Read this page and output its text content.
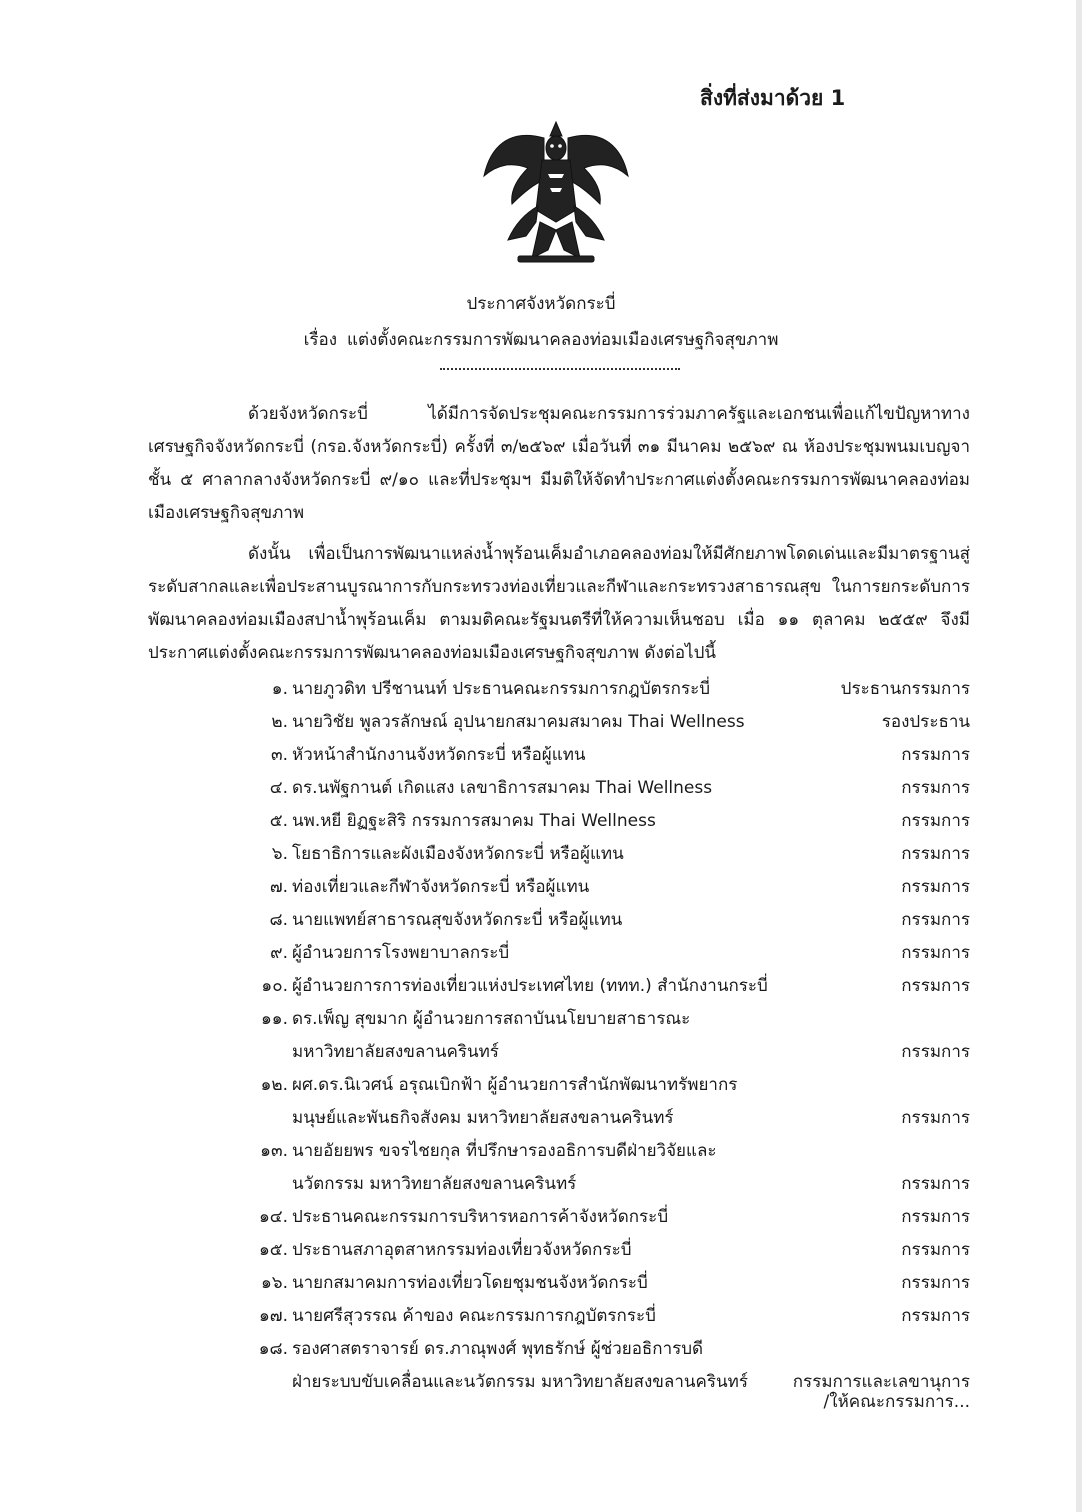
สิ่งที่ส่งมาด้วย 1
ประกาศจังหวัดกระบี่
เรื่อง แต่งตั้งคณะกรรมการพัฒนาคลองท่อมเมืองเศรษฐกิจสุขภาพ

ด้วยจังหวัดกระบี่ ได้มีการจัดประชุมคณะกรรมการร่วมภาครัฐและเอกชนเพื่อแก้ไขปัญหาทางเศรษฐกิจจังหวัดกระบี่ (กรอ.จังหวัดกระบี่) ครั้งที่ ๓/๒๕๖๙ เมื่อวันที่ ๓๑ มีนาคม ๒๕๖๙ ณ ห้องประชุมพนมเบญจา ชั้น ๕ ศาลากลางจังหวัดกระบี่ ๙/๑๐ และที่ประชุมฯ มีมติให้จัดทำประกาศแต่งตั้งคณะกรรมการพัฒนาคลองท่อมเมืองเศรษฐกิจสุขภาพ

ดังนั้น เพื่อเป็นการพัฒนาแหล่งน้ำพุร้อนเค็มอำเภอคลองท่อมให้มีศักยภาพโดดเด่นและมีมาตรฐานสู่ระดับสากลและเพื่อประสานบูรณาการกับกระทรวงท่องเที่ยวและกีฬาและกระทรวงสาธารณสุข ในการยกระดับการพัฒนาคลองท่อมเมืองสปาน้ำพุร้อนเค็ม ตามมติคณะรัฐมนตรีที่ให้ความเห็นชอบ เมื่อ ๑๑ ตุลาคม ๒๕๕๙ จึงมีประกาศแต่งตั้งคณะกรรมการพัฒนาคลองท่อมเมืองเศรษฐกิจสุขภาพ ดังต่อไปนี้

๑. นายภูวดิท ปรีชานนท์ ประธานคณะกรรมการกฎบัตรกระบี่	ประธานกรรมการ
๒. นายวิชัย พูลวรลักษณ์ อุปนายกสมาคมสมาคม Thai Wellness	รองประธาน
๓. หัวหน้าสำนักงานจังหวัดกระบี่ หรือผู้แทน	กรรมการ
๔. ดร.นพัฐกานต์ เกิดแสง เลขาธิการสมาคม Thai Wellness	กรรมการ
๕. นพ.หยี ยิฏฐะสิริ กรรมการสมาคม Thai Wellness	กรรมการ
๖. โยธาธิการและผังเมืองจังหวัดกระบี่ หรือผู้แทน	กรรมการ
๗. ท่องเที่ยวและกีฬาจังหวัดกระบี่ หรือผู้แทน	กรรมการ
๘. นายแพทย์สาธารณสุขจังหวัดกระบี่ หรือผู้แทน	กรรมการ
๙. ผู้อำนวยการโรงพยาบาลกระบี่	กรรมการ
๑๐. ผู้อำนวยการการท่องเที่ยวแห่งประเทศไทย (ททท.) สำนักงานกระบี่	กรรมการ
๑๑. ดร.เพ็ญ สุขมาก ผู้อำนวยการสถาบันนโยบายสาธารณะ
มหาวิทยาลัยสงขลานครินทร์	กรรมการ
๑๒. ผศ.ดร.นิเวศน์ อรุณเบิกฟ้า ผู้อำนวยการสำนักพัฒนาทรัพยากร
มนุษย์และพันธกิจสังคม มหาวิทยาลัยสงขลานครินทร์	กรรมการ
๑๓. นายอัยยพร ขจรไชยกุล ที่ปรึกษารองอธิการบดีฝ่ายวิจัยและ
นวัตกรรม มหาวิทยาลัยสงขลานครินทร์	กรรมการ
๑๔. ประธานคณะกรรมการบริหารหอการค้าจังหวัดกระบี่	กรรมการ
๑๕. ประธานสภาอุตสาหกรรมท่องเที่ยวจังหวัดกระบี่	กรรมการ
๑๖. นายกสมาคมการท่องเที่ยวโดยชุมชนจังหวัดกระบี่	กรรมการ
๑๗. นายศรีสุวรรณ ค้าของ คณะกรรมการกฎบัตรกระบี่	กรรมการ
๑๘. รองศาสตราจารย์ ดร.ภาณุพงศ์ พุทธรักษ์ ผู้ช่วยอธิการบดี
ฝ่ายระบบขับเคลื่อนและนวัตกรรม มหาวิทยาลัยสงขลานครินทร์	กรรมการและเลขานุการ
/ให้คณะกรรมการ...
